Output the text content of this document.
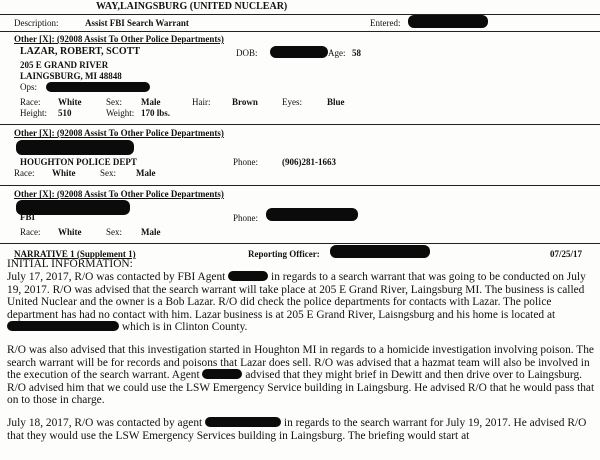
WAY,LAINGSBURG (UNITED NUCLEAR)
Description:	Assist FBI Search Warrant	Entered:
Other [X]: (92008 Assist To Other Police Departments)
LAZAR, ROBERT, SCOTT	DOB:	Age: 58
205 E GRAND RIVER
LAINGSBURG, MI 48848
Ops:
Race: White	Sex: Male	Hair: Brown	Eyes:	Blue
Height: 510	Weight: 170 lbs.
Other [X]: (92008 Assist To Other Police Departments)
HOUGHTON POLICE DEPT	Phone:	(906)281-1663
Race: White	Sex: Male
Other [X]: (92008 Assist To Other Police Departments)
FBI	Phone:
Race: White	Sex: Male
NARRATIVE 1 (Supplement 1)	Reporting Officer:	07/25/17
INITIAL INFORMATION:

July 17, 2017, R/O was contacted by FBI Agent	in regards to a search warrant that was going to be conducted on July 19, 2017. R/O was advised that the search warrant will take place at 205 E Grand River, Laingsburg MI. The business is called United Nuclear and the owner is a Bob Lazar. R/O did check the police departments for contacts with Lazar. The police department has had no contact with him. Lazar business is at 205 E Grand River, Laisngsburg and his home is located at  which is in Clinton County.

R/O was also advised that this investigation started in Houghton MI in regards to a homicide investigation involving poison. The search warrant will be for records and poisons that Lazar does sell. R/O was advised that a hazmat team will also be involved in the execution of the search warrant. Agent	advised that they might brief in Dewitt and then drive over to Laingsburg. R/O advised him that we could use the LSW Emergency Service building in Laingsburg. He advised R/O that he would pass that on to those in charge.

July 18, 2017, R/O was contacted by agent	in regards to the search warrant for July 19, 2017. He advised R/O that they would use the LSW Emergency Services building in Laingsburg. The briefing would start at
